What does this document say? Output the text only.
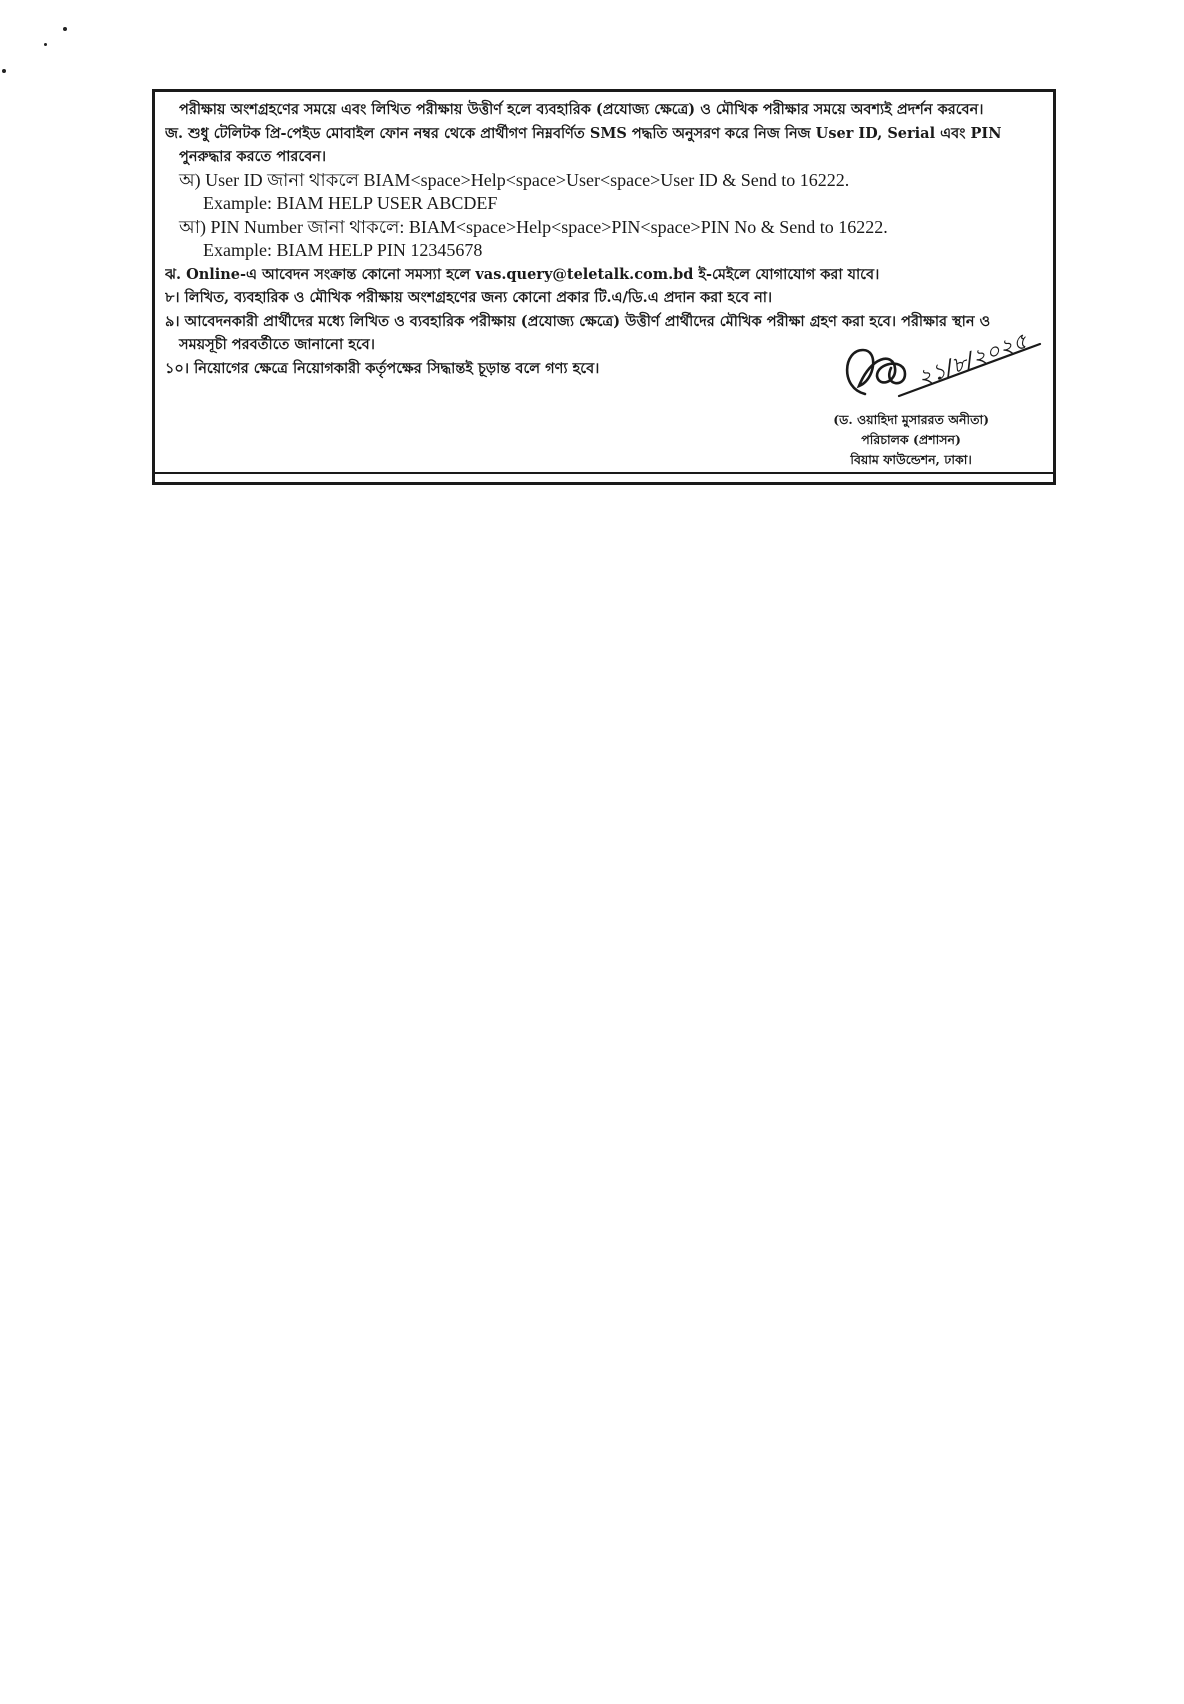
পরীক্ষায় অংশগ্রহণের সময়ে এবং লিখিত পরীক্ষায় উত্তীর্ণ হলে ব্যবহারিক (প্রযোজ্য ক্ষেত্রে) ও মৌখিক পরীক্ষার সময়ে অবশ্যই প্রদর্শন করবেন।
জ. শুধু টেলিটক প্রি-পেইড মোবাইল ফোন নম্বর থেকে প্রার্থীগণ নিম্নবর্ণিত SMS পদ্ধতি অনুসরণ করে নিজ নিজ User ID, Serial এবং PIN
পুনরুদ্ধার করতে পারবেন।
অ) User ID জানা থাকলে BIAM<space>Help<space>User<space>User ID & Send to 16222.
Example: BIAM HELP USER ABCDEF
আ) PIN Number জানা থাকলে: BIAM<space>Help<space>PIN<space>PIN No & Send to 16222.
Example: BIAM HELP PIN 12345678
ঝ. Online-এ আবেদন সংক্রান্ত কোনো সমস্যা হলে vas.query@teletalk.com.bd ই-মেইলে যোগাযোগ করা যাবে।
৮। লিখিত, ব্যবহারিক ও মৌখিক পরীক্ষায় অংশগ্রহণের জন্য কোনো প্রকার টি.এ/ডি.এ প্রদান করা হবে না।
৯। আবেদনকারী প্রার্থীদের মধ্যে লিখিত ও ব্যবহারিক পরীক্ষায় (প্রযোজ্য ক্ষেত্রে) উত্তীর্ণ প্রার্থীদের মৌখিক পরীক্ষা গ্রহণ করা হবে। পরীক্ষার স্থান ও
সময়সূচী পরবর্তীতে জানানো হবে।
১০। নিয়োগের ক্ষেত্রে নিয়োগকারী কর্তৃপক্ষের সিদ্ধান্তই চূড়ান্ত বলে গণ্য হবে।	২১/৮/২০২৫
(ড. ওয়াহিদা মুসাররত অনীতা)
পরিচালক (প্রশাসন)
বিয়াম ফাউন্ডেশন, ঢাকা।
